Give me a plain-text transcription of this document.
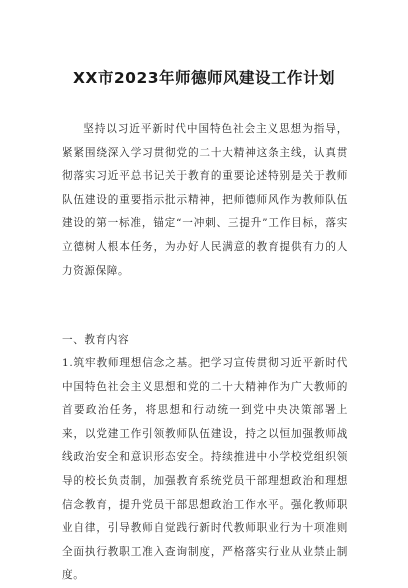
XX市2023年师德师风建设工作计划

坚持以习近平新时代中国特色社会主义思想为指导，紧紧围绕深入学习贯彻党的二十大精神这条主线，认真贯彻落实习近平总书记关于教育的重要论述特别是关于教师队伍建设的重要指示批示精神，把师德师风作为教师队伍建设的第一标准，锚定“一冲刺、三提升”工作目标，落实立德树人根本任务，为办好人民满意的教育提供有力的人力资源保障。

一、教育内容

1.筑牢教师理想信念之基。把学习宣传贯彻习近平新时代中国特色社会主义思想和党的二十大精神作为广大教师的首要政治任务，将思想和行动统一到党中央决策部署上来，以党建工作引领教师队伍建设，持之以恒加强教师战线政治安全和意识形态安全。持续推进中小学校党组织领导的校长负责制，加强教育系统党员干部理想政治和理想信念教育，提升党员干部思想政治工作水平。强化教师职业自律，引导教师自觉践行新时代教师职业行为十项准则全面执行教职工准入查询制度，严格落实行业从业禁止制度。
